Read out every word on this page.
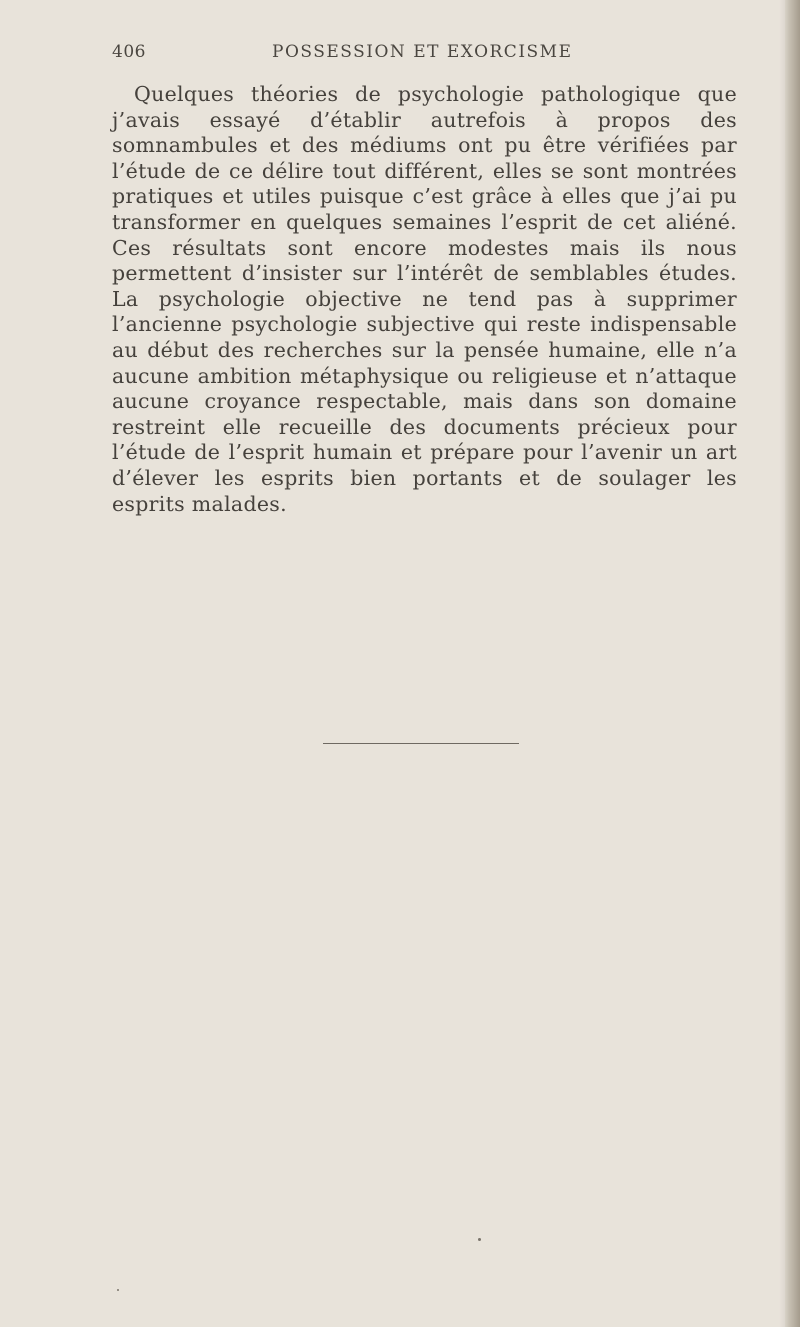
406	POSSESSION ET EXORCISME

Quelques théories de psychologie pathologique que j’avais essayé d’établir autrefois à propos des somnambules et des médiums ont pu être vérifiées par l’étude de ce délire tout différent, elles se sont montrées pratiques et utiles puisque c’est grâce à elles que j’ai pu transformer en quelques semaines l’esprit de cet aliéné. Ces résultats sont encore modestes mais ils nous permettent d’insister sur l’intérêt de semblables études. La psychologie objective ne tend pas à supprimer l’ancienne psychologie subjective qui reste indispensable au début des recherches sur la pensée humaine, elle n’a aucune ambition métaphysique ou religieuse et n’attaque aucune croyance respectable, mais dans son domaine restreint elle recueille des documents précieux pour l’étude de l’esprit humain et prépare pour l’avenir un art d’élever les esprits bien portants et de soulager les esprits malades.
